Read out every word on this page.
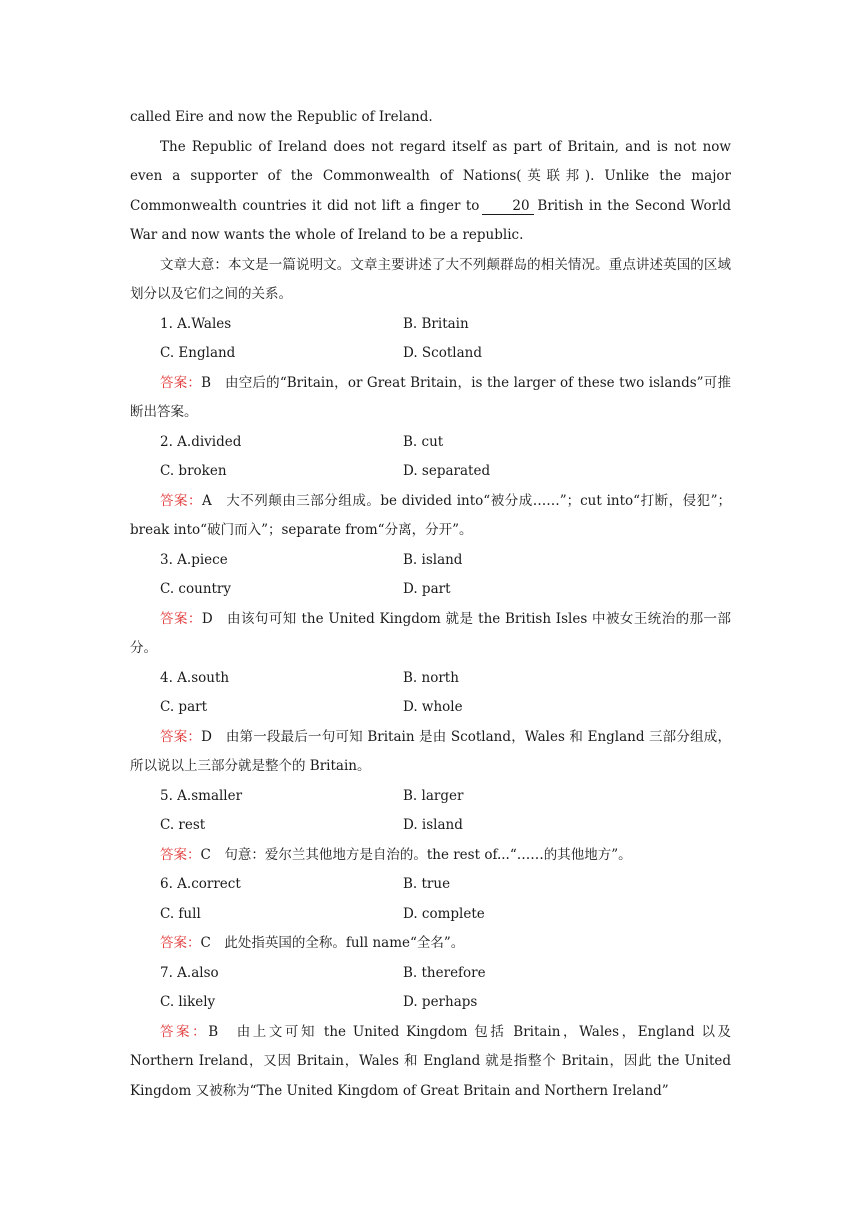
called Eire and now the Republic of Ireland.

The Republic of Ireland does not regard itself as part of Britain, and is not now even a supporter of the Commonwealth of Nations(英联邦). Unlike the major Commonwealth countries it did not lift a finger to 20 British in the Second World War and now wants the whole of Ireland to be a republic.

文章大意：本文是一篇说明文。文章主要讲述了大不列颠群岛的相关情况。重点讲述英国的区域划分以及它们之间的关系。

1. A.Wales	B. Britain
C. England	D. Scotland

答案：B　由空后的“Britain，or Great Britain，is the larger of these two islands”可推断出答案。

2. A.divided	B. cut
C. broken	D. separated

答案：A　大不列颠由三部分组成。be divided into“被分成……”；cut into“打断，侵犯”；break into“破门而入”；separate from“分离，分开”。

3. A.piece	B. island
C. country	D. part

答案：D　由该句可知 the United Kingdom 就是 the British Isles 中被女王统治的那一部分。

4. A.south	B. north
C. part	D. whole

答案：D　由第一段最后一句可知 Britain 是由 Scotland，Wales 和 England 三部分组成，所以说以上三部分就是整个的 Britain。

5. A.smaller	B. larger
C. rest	D. island

答案：C　句意：爱尔兰其他地方是自治的。the rest of...“……的其他地方”。

6. A.correct	B. true
C. full	D. complete

答案：C　此处指英国的全称。full name“全名”。

7. A.also	B. therefore
C. likely	D. perhaps

答案：B　由上文可知 the United Kingdom 包括 Britain，Wales，England 以及 Northern Ireland，又因 Britain，Wales 和 England 就是指整个 Britain，因此 the United Kingdom 又被称为“The United Kingdom of Great Britain and Northern Ireland”
